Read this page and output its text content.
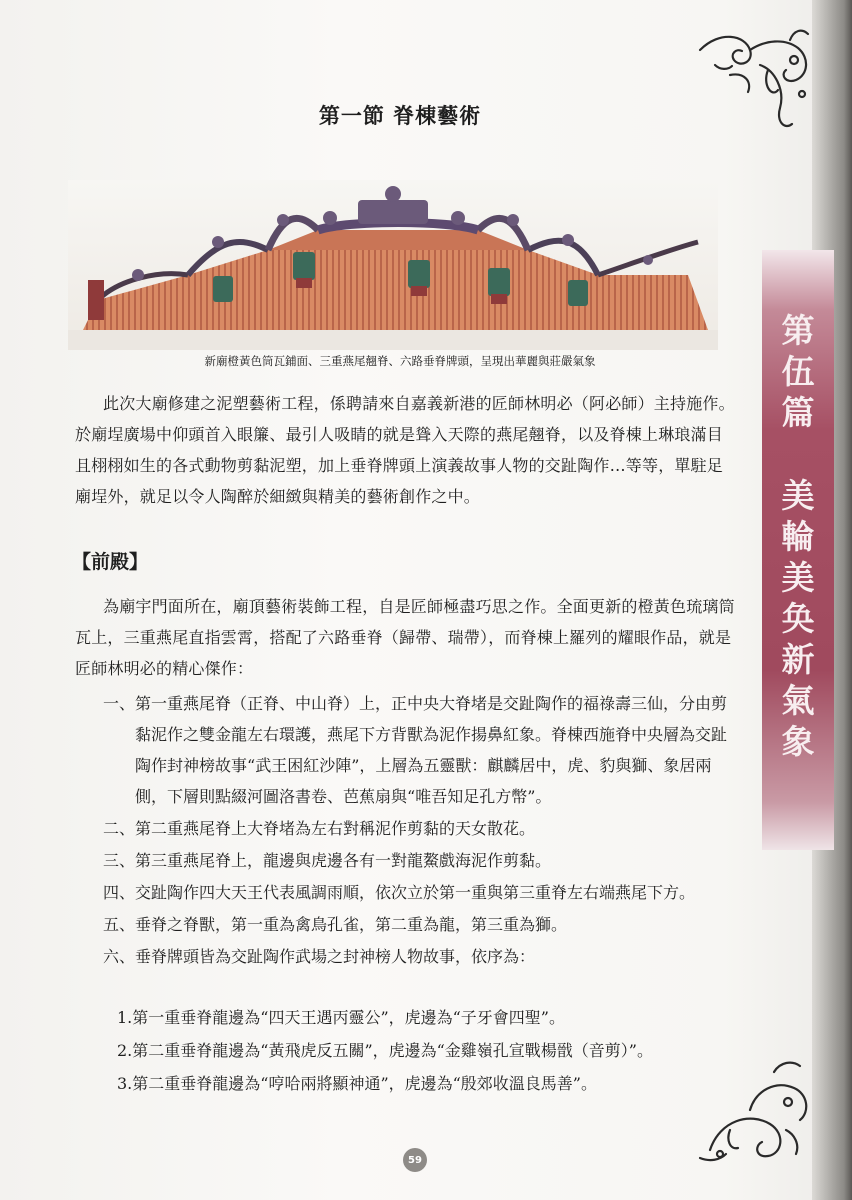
第
伍
篇
美
輪
美
奂
新
氣
象
第一節 脊棟藝術
新廟橙黃色筒瓦鋪面、三重燕尾翹脊、六路垂脊牌頭，呈現出華麗與莊嚴氣象
此次大廟修建之泥塑藝術工程，係聘請來自嘉義新港的匠師林明必（阿必師）主持施作。於廟埕廣場中仰頭首入眼簾、最引人吸睛的就是聳入天際的燕尾翹脊，以及脊棟上琳琅滿目且栩栩如生的各式動物剪黏泥塑，加上垂脊牌頭上演義故事人物的交趾陶作…等等，單駐足廟埕外，就足以令人陶醉於細緻與精美的藝術創作之中。
【前殿】
為廟宇門面所在，廟頂藝術裝飾工程，自是匠師極盡巧思之作。全面更新的橙黃色琉璃筒瓦上，三重燕尾直指雲霄，搭配了六路垂脊（歸帶、瑞帶），而脊棟上羅列的耀眼作品，就是匠師林明必的精心傑作：
一、 第一重燕尾脊（正脊、中山脊）上，正中央大脊堵是交趾陶作的福祿壽三仙，分由剪黏泥作之雙金龍左右環護，燕尾下方背獸為泥作揚鼻紅象。脊棟西施脊中央層為交趾陶作封神榜故事“武王困紅沙陣”，上層為五靈獸：麒麟居中，虎、豹與獅、象居兩側，下層則點綴河圖洛書卷、芭蕉扇與“唯吾知足孔方幣”。
二、 第二重燕尾脊上大脊堵為左右對稱泥作剪黏的天女散花。
三、 第三重燕尾脊上，龍邊與虎邊各有一對龍鰲戲海泥作剪黏。
四、 交趾陶作四大天王代表風調雨順，依次立於第一重與第三重脊左右端燕尾下方。
五、 垂脊之脊獸，第一重為禽鳥孔雀，第二重為龍，第三重為獅。
六、 垂脊牌頭皆為交趾陶作武場之封神榜人物故事，依序為：
1. 第一重垂脊龍邊為“四天王遇丙靈公”，虎邊為“子牙會四聖”。
2. 第二重垂脊龍邊為“黃飛虎反五關”，虎邊為“金雞嶺孔宣戰楊戩（音剪）”。
3. 第二重垂脊龍邊為“哼哈兩將顯神通”，虎邊為“殷郊收溫良馬善”。
59
